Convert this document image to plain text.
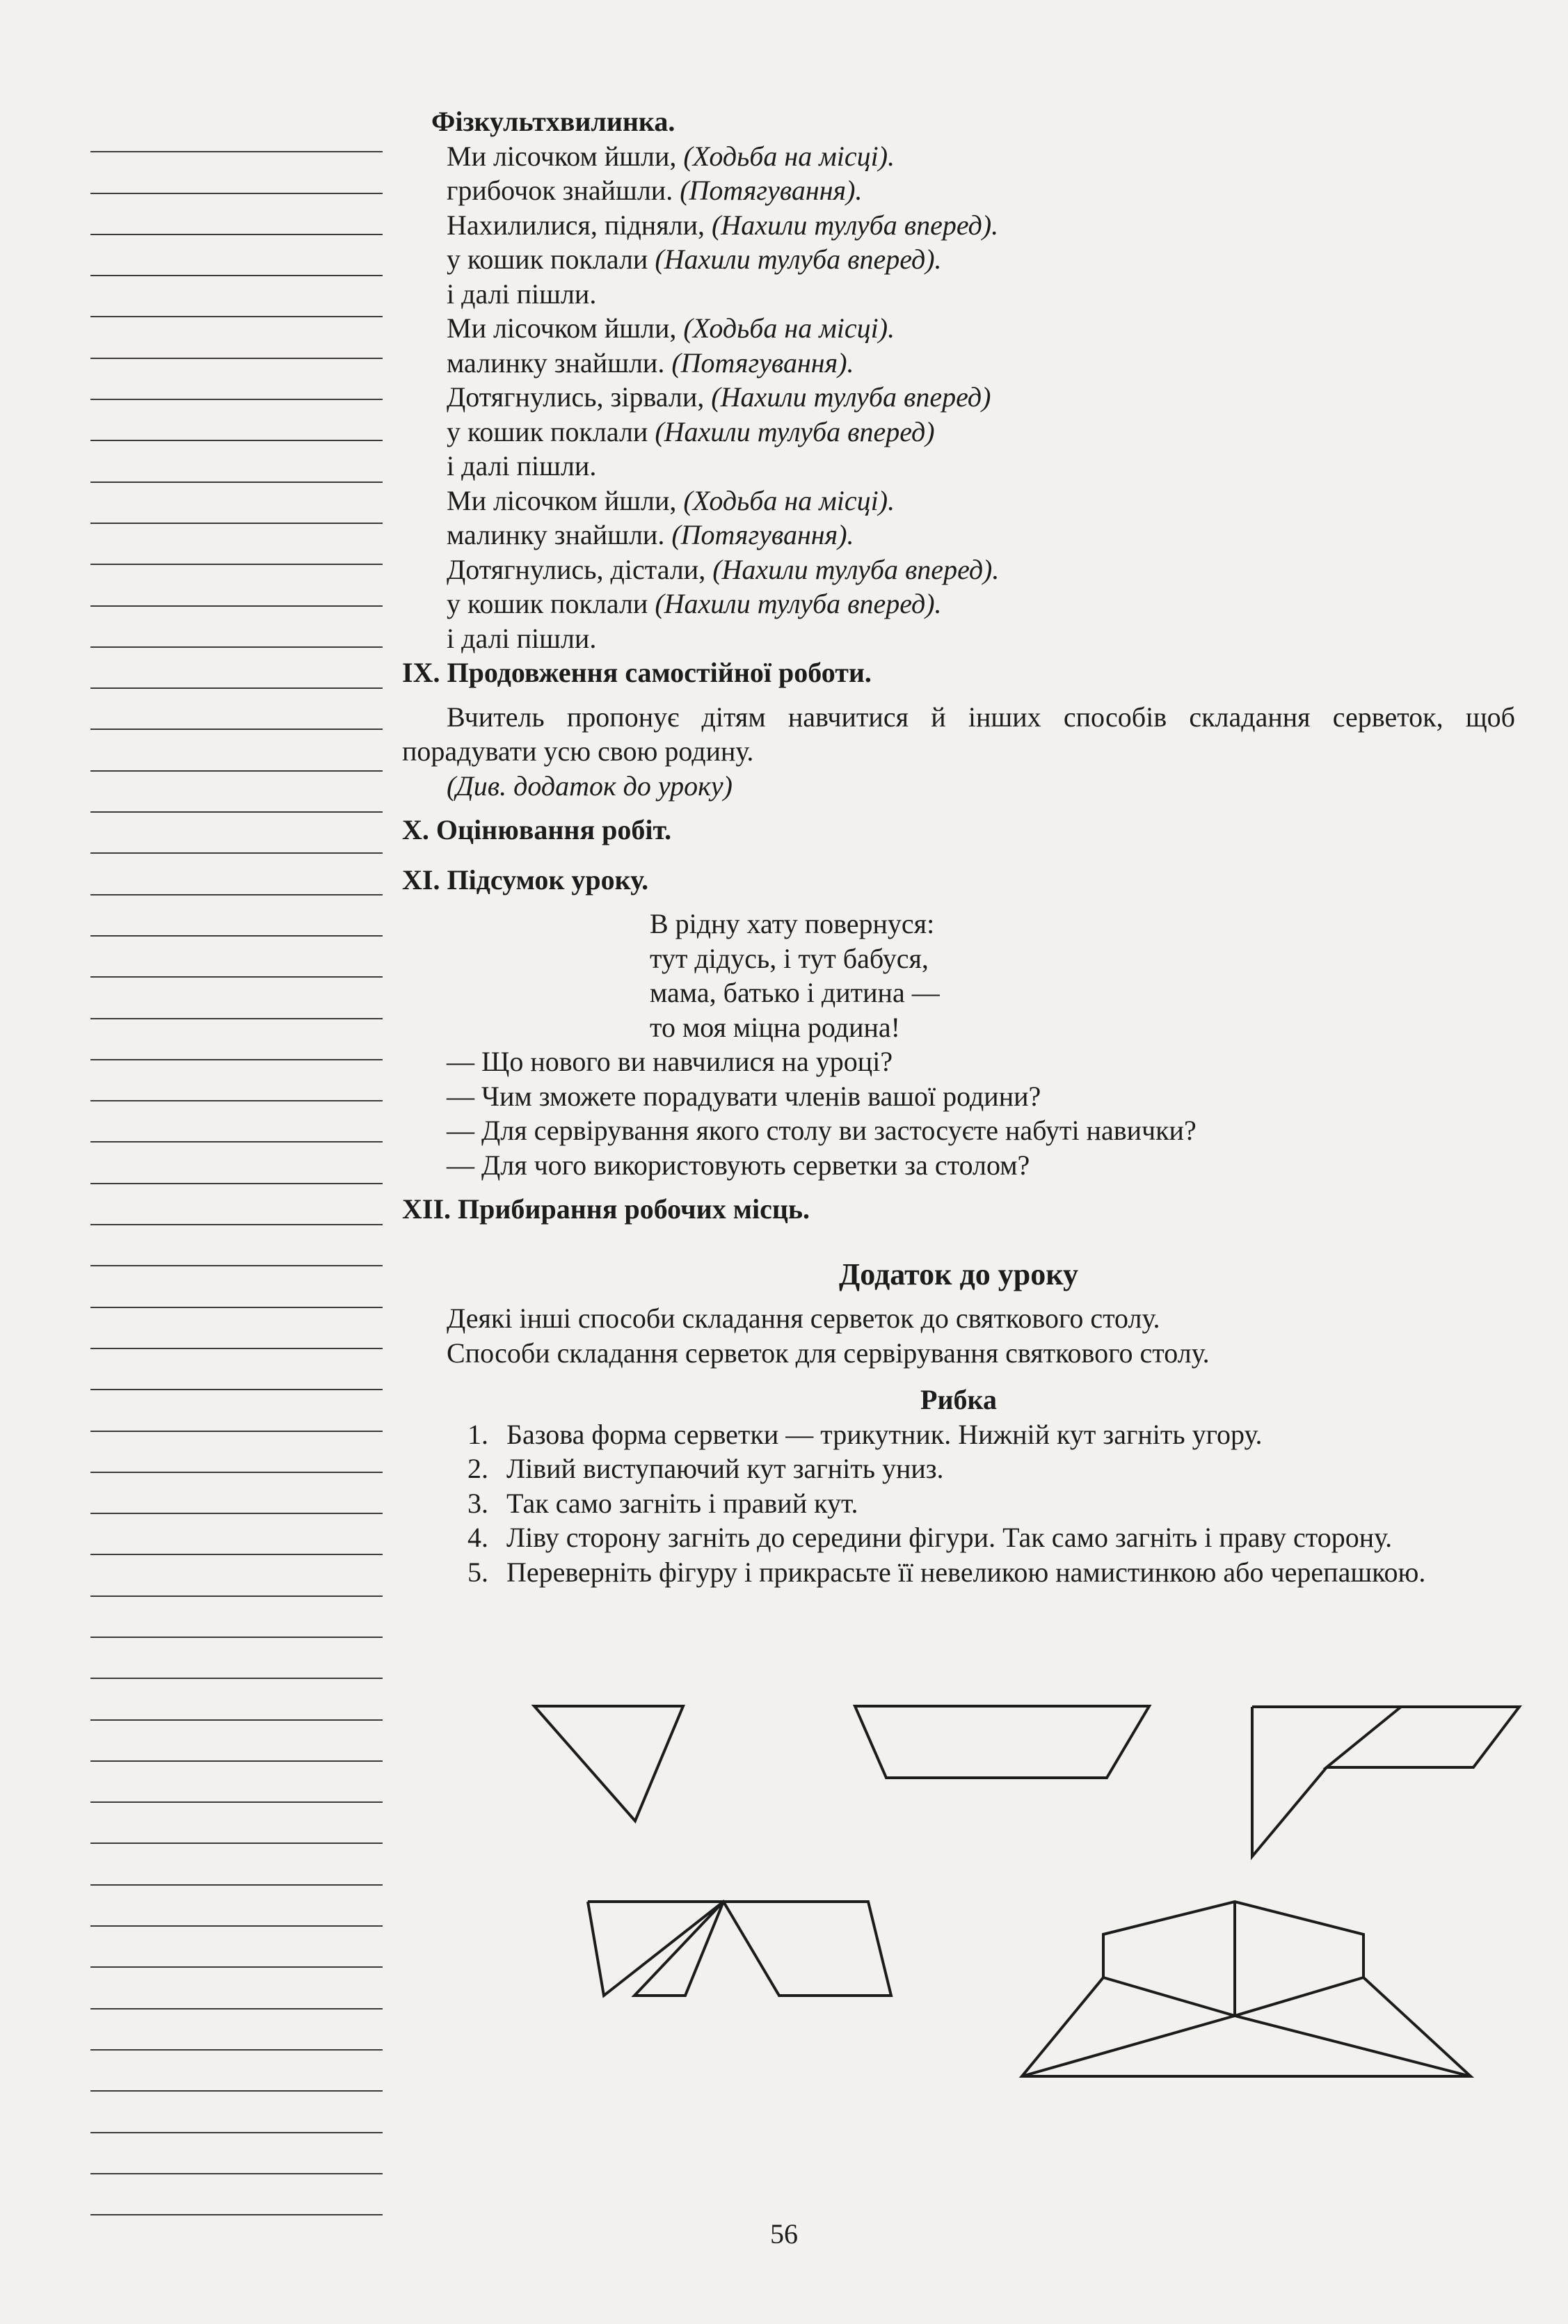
Фізкультхвилинка.

Ми лісочком йшли, (Ходьба на місці).

грибочок знайшли. (Потягування).

Нахилилися, підняли, (Нахили тулуба вперед).

у кошик поклали (Нахили тулуба вперед).

і далі пішли.

Ми лісочком йшли, (Ходьба на місці).

малинку знайшли. (Потягування).

Дотягнулись, зірвали, (Нахили тулуба вперед)

у кошик поклали (Нахили тулуба вперед)

і далі пішли.

Ми лісочком йшли, (Ходьба на місці).

малинку знайшли. (Потягування).

Дотягнулись, дістали, (Нахили тулуба вперед).

у кошик поклали (Нахили тулуба вперед).

і далі пішли.

IX. Продовження самостійної роботи.

Вчитель пропонує дітям навчитися й інших способів складання серветок, щоб порадувати усю свою родину.

(Див. додаток до уроку)

X. Оцінювання робіт.

XI. Підсумок уроку.

В рідну хату повернуся:

тут дідусь, і тут бабуся,

мама, батько і дитина —

то моя міцна родина!

— Що нового ви навчилися на уроці?

— Чим зможете порадувати членів вашої родини?

— Для сервірування якого столу ви застосуєте набуті навички?

— Для чого використовують серветки за столом?

XII. Прибирання робочих місць.

Додаток до уроку

Деякі інші способи складання серветок до святкового столу.

Способи складання серветок для сервірування святкового столу.

Рибка

1. Базова форма серветки — трикутник. Нижній кут загніть угору.
2. Лівий виступаючий кут загніть униз.
3. Так само загніть і правий кут.
4. Ліву сторону загніть до середини фігури. Так само загніть і праву сторону.
5. Переверніть фігуру і прикрасьте її невеликою намистинкою або черепашкою.
56
